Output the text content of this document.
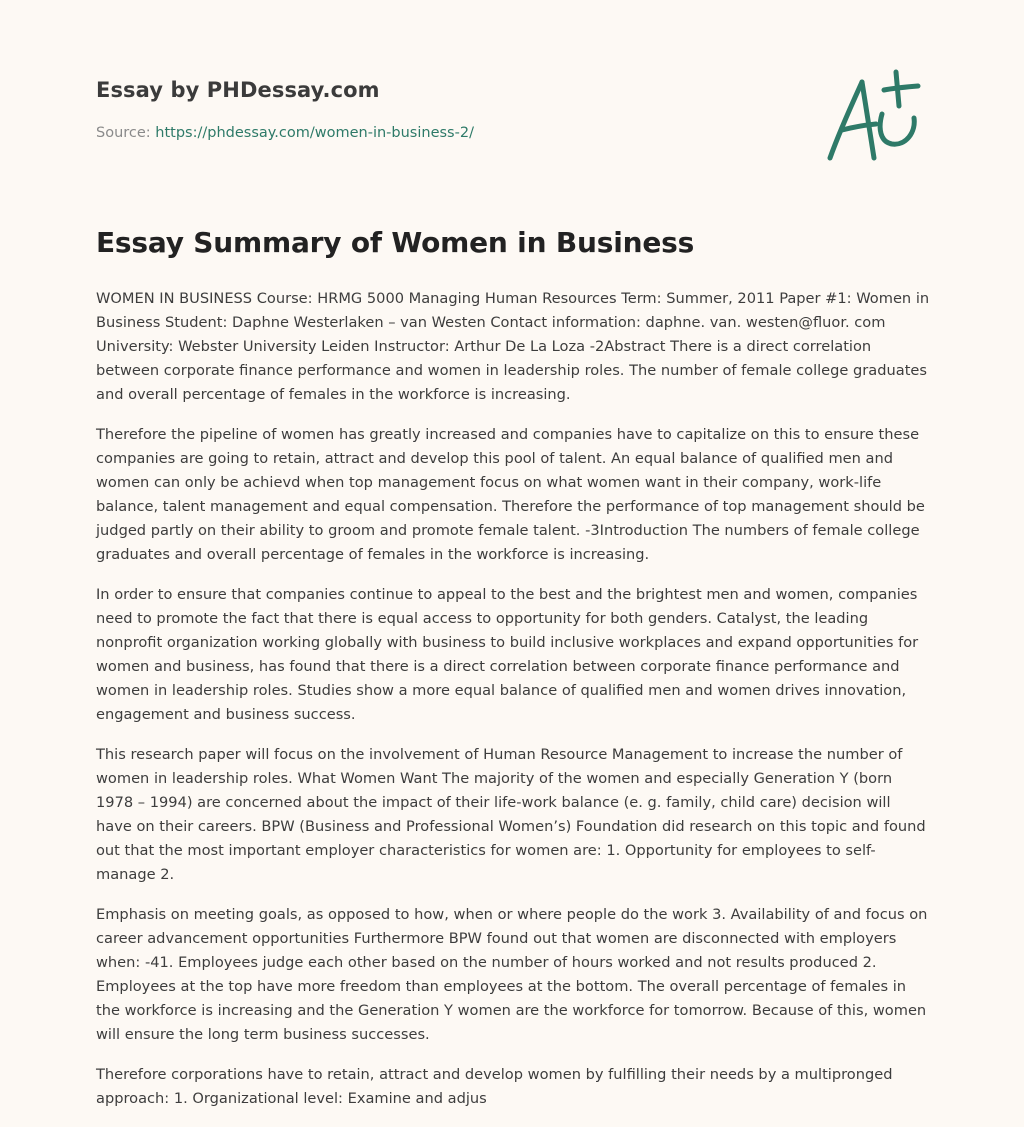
Essay by PHDessay.com
Source: https://phdessay.com/women-in-business-2/
Essay Summary of Women in Business

WOMEN IN BUSINESS Course: HRMG 5000 Managing Human Resources Term: Summer, 2011 Paper #1: Women in Business Student: Daphne Westerlaken – van Westen Contact information: daphne. van. westen@fluor. com University: Webster University Leiden Instructor: Arthur De La Loza -2Abstract There is a direct correlation between corporate finance performance and women in leadership roles. The number of female college graduates and overall percentage of females in the workforce is increasing.

Therefore the pipeline of women has greatly increased and companies have to capitalize on this to ensure these companies are going to retain, attract and develop this pool of talent. An equal balance of qualified men and women can only be achievd when top management focus on what women want in their company, work-life balance, talent management and equal compensation. Therefore the performance of top management should be judged partly on their ability to groom and promote female talent. -3Introduction The numbers of female college graduates and overall percentage of females in the workforce is increasing.

In order to ensure that companies continue to appeal to the best and the brightest men and women, companies need to promote the fact that there is equal access to opportunity for both genders. Catalyst, the leading nonprofit organization working globally with business to build inclusive workplaces and expand opportunities for women and business, has found that there is a direct correlation between corporate finance performance and women in leadership roles. Studies show a more equal balance of qualified men and women drives innovation, engagement and business success.

This research paper will focus on the involvement of Human Resource Management to increase the number of women in leadership roles. What Women Want The majority of the women and especially Generation Y (born 1978 – 1994) are concerned about the impact of their life-work balance (e. g. family, child care) decision will have on their careers. BPW (Business and Professional Women’s) Foundation did research on this topic and found out that the most important employer characteristics for women are: 1. Opportunity for employees to self-manage 2.

Emphasis on meeting goals, as opposed to how, when or where people do the work 3. Availability of and focus on career advancement opportunities Furthermore BPW found out that women are disconnected with employers when: -41. Employees judge each other based on the number of hours worked and not results produced 2. Employees at the top have more freedom than employees at the bottom. The overall percentage of females in the workforce is increasing and the Generation Y women are the workforce for tomorrow. Because of this, women will ensure the long term business successes.

Therefore corporations have to retain, attract and develop women by fulfilling their needs by a multipronged approach: 1. Organizational level: Examine and adjus
